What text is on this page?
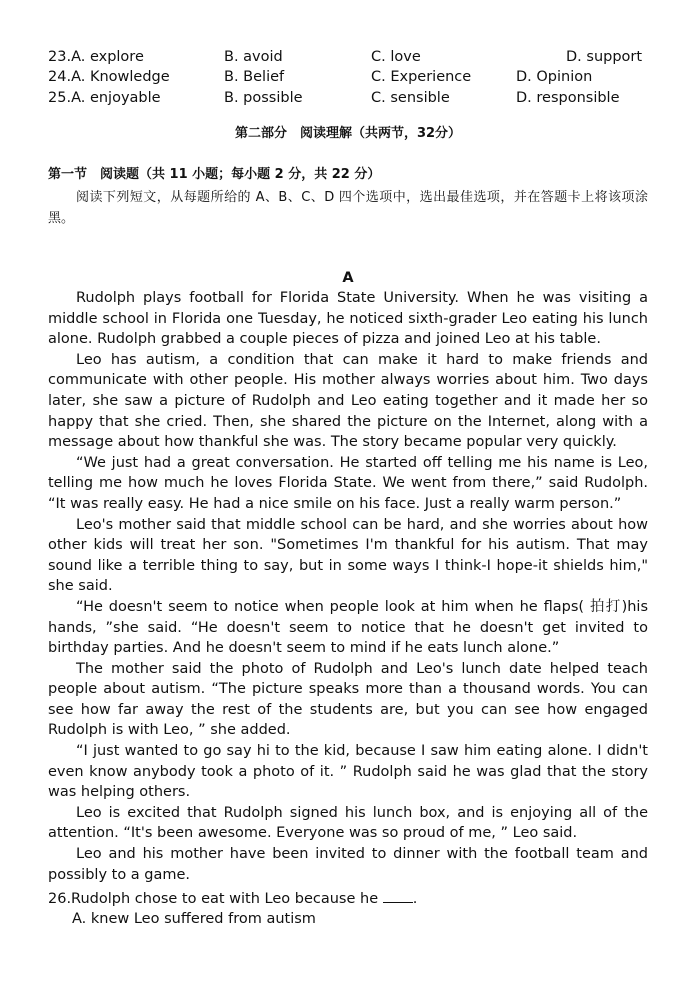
23.A. explore	B. avoid	C. love	D. support
24.A. Knowledge	B. Belief	C. Experience	D. Opinion
25.A. enjoyable	B. possible	C. sensible	D. responsible
第二部分　阅读理解（共两节，32分）
第一节　阅读题（共 11 小题；每小题 2 分，共 22 分）
阅读下列短文，从每题所给的 A、B、C、D 四个选项中，选出最佳选项，并在答题卡上将该项涂黑。
A

Rudolph plays football for Florida State University. When he was visiting a middle school in Florida one Tuesday, he noticed sixth-grader Leo eating his lunch alone. Rudolph grabbed a couple pieces of pizza and joined Leo at his table.

Leo has autism, a condition that can make it hard to make friends and communicate with other people. His mother always worries about him. Two days later, she saw a picture of Rudolph and Leo eating together and it made her so happy that she cried. Then, she shared the picture on the Internet, along with a message about how thankful she was. The story became popular very quickly.

“We just had a great conversation. He started off telling me his name is Leo, telling me how much he loves Florida State. We went from there,” said Rudolph. “It was really easy. He had a nice smile on his face. Just a really warm person.”

Leo's mother said that middle school can be hard, and she worries about how other kids will treat her son. "Sometimes I'm thankful for his autism. That may sound like a terrible thing to say, but in some ways I think-I hope-it shields him," she said.

“He doesn't seem to notice when people look at him when he flaps( 拍打)his hands, ”she said. “He doesn't seem to notice that he doesn't get invited to birthday parties. And he doesn't seem to mind if he eats lunch alone.”

The mother said the photo of Rudolph and Leo's lunch date helped teach people about autism. “The picture speaks more than a thousand words. You can see how far away the rest of the students are, but you can see how engaged Rudolph is with Leo, ” she added.

“I just wanted to go say hi to the kid, because I saw him eating alone. I didn't even know anybody took a photo of it. ” Rudolph said he was glad that the story was helping others.

Leo is excited that Rudolph signed his lunch box, and is enjoying all of the attention. “It's been awesome. Everyone was so proud of me, ” Leo said.

Leo and his mother have been invited to dinner with the football team and possibly to a game.

26.Rudolph chose to eat with Leo because he .
A. knew Leo suffered from autism
